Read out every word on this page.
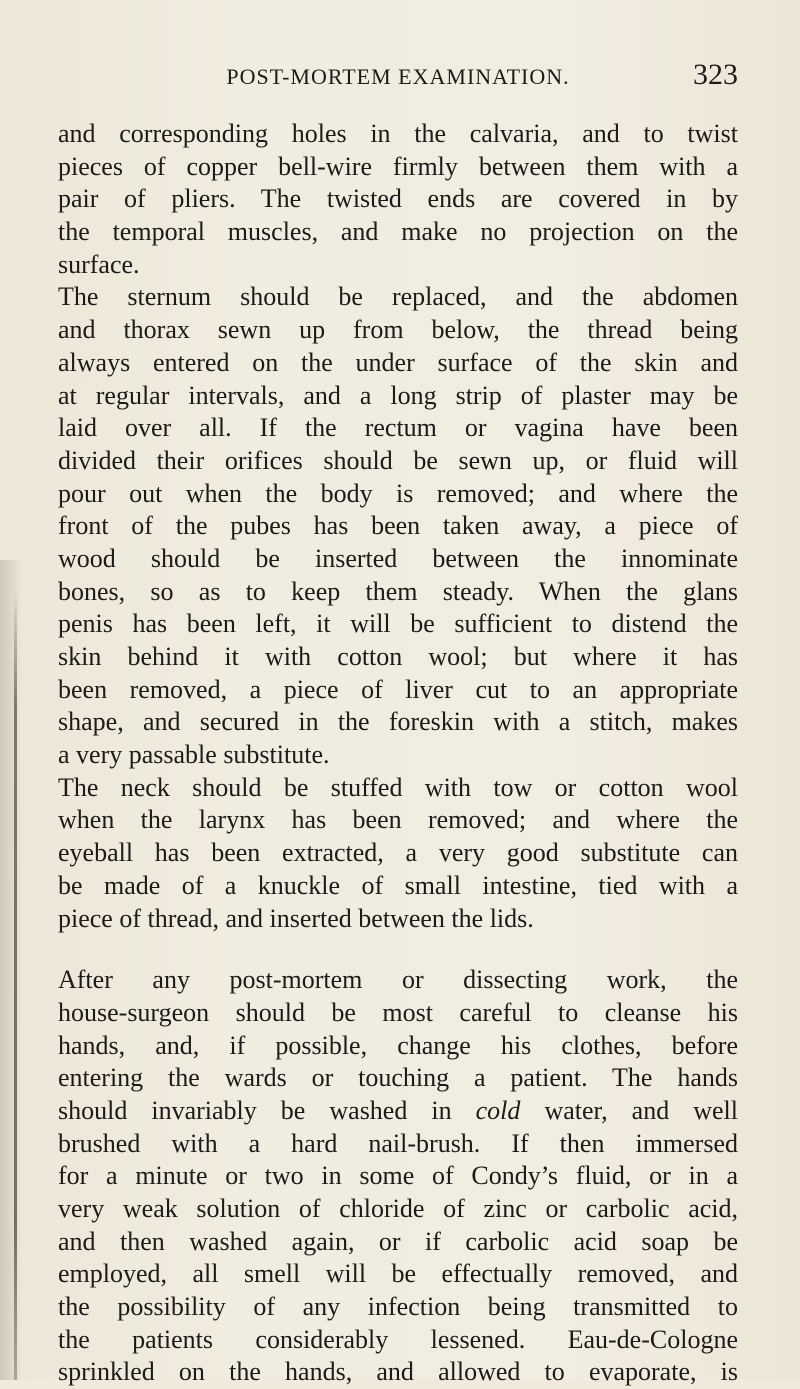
POST-MORTEM EXAMINATION.	323
and corresponding holes in the calvaria, and to twist
pieces of copper bell-wire firmly between them with a
pair of pliers. The twisted ends are covered in by
the temporal muscles, and make no projection on the
surface.
The sternum should be replaced, and the abdomen
and thorax sewn up from below, the thread being
always entered on the under surface of the skin and
at regular intervals, and a long strip of plaster may be
laid over all. If the rectum or vagina have been
divided their orifices should be sewn up, or fluid will
pour out when the body is removed; and where the
front of the pubes has been taken away, a piece of
wood should be inserted between the innominate
bones, so as to keep them steady. When the glans
penis has been left, it will be sufficient to distend the
skin behind it with cotton wool; but where it has
been removed, a piece of liver cut to an appropriate
shape, and secured in the foreskin with a stitch, makes
a very passable substitute.
The neck should be stuffed with tow or cotton wool
when the larynx has been removed; and where the
eyeball has been extracted, a very good substitute can
be made of a knuckle of small intestine, tied with a
piece of thread, and inserted between the lids.
After any post-mortem or dissecting work, the
house-surgeon should be most careful to cleanse his
hands, and, if possible, change his clothes, before
entering the wards or touching a patient. The hands
should invariably be washed in cold water, and well
brushed with a hard nail-brush. If then immersed
for a minute or two in some of Condy’s fluid, or in a
very weak solution of chloride of zinc or carbolic acid,
and then washed again, or if carbolic acid soap be
employed, all smell will be effectually removed, and
the possibility of any infection being transmitted to
the patients considerably lessened. Eau-de-Cologne
sprinkled on the hands, and allowed to evaporate, is
